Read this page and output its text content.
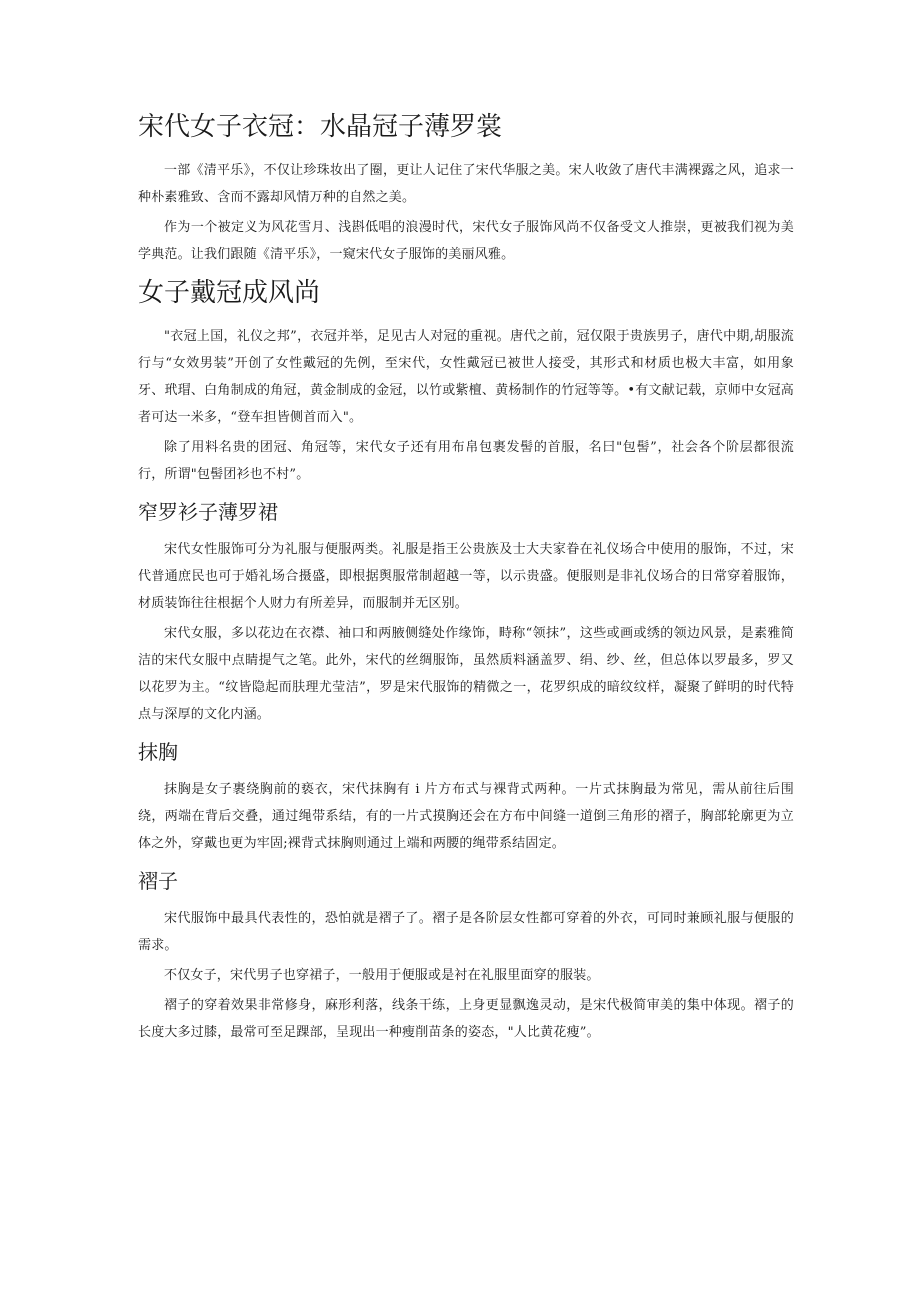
宋代女子衣冠：水晶冠子薄罗裳

一部《清平乐》，不仅让珍珠妆出了圈，更让人记住了宋代华服之美。宋人收敛了唐代丰满裸露之风，追求一种朴素雅致、含而不露却风情万种的自然之美。

作为一个被定义为风花雪月、浅斟低唱的浪漫时代，宋代女子服饰风尚不仅备受文人推崇，更被我们视为美学典范。让我们跟随《清平乐》，一窥宋代女子服饰的美丽风雅。

女子戴冠成风尚

"衣冠上国，礼仪之邦”，衣冠并举，足见古人对冠的重视。唐代之前，冠仅限于贵族男子，唐代中期,胡服流行与“女效男装”开创了女性戴冠的先例，至宋代，女性戴冠已被世人接受，其形式和材质也极大丰富，如用象牙、玳瑁、白角制成的角冠，黄金制成的金冠，以竹或紫檀、黄杨制作的竹冠等等。•有文献记载，京师中女冠高者可达一米多，“登车担皆侧首而入"。

除了用料名贵的团冠、角冠等，宋代女子还有用布帛包裹发髻的首服，名曰"包髻”，社会各个阶层都很流行，所谓"包髻团衫也不村”。

窄罗衫子薄罗裙

宋代女性服饰可分为礼服与便服两类。礼服是指王公贵族及士大夫家眷在礼仪场合中使用的服饰，不过，宋代普通庶民也可于婚礼场合摄盛，即根据舆服常制超越一等，以示贵盛。便服则是非礼仪场合的日常穿着服饰，材质装饰往往根据个人财力有所差异，而服制并无区别。

宋代女服，多以花边在衣襟、袖口和两腋侧缝处作缘饰，畤称“领抹”，这些或画或绣的领边风景，是素雅简洁的宋代女服中点睛提气之笔。此外，宋代的丝绸服饰，虽然质料涵盖罗、绢、纱、丝，但总体以罗最多，罗又以花罗为主。“纹皆隐起而肤理尤莹洁”，罗是宋代服饰的精微之一，花罗织成的暗纹纹样，凝聚了鲜明的时代特点与深厚的文化内涵。

抹胸

抹胸是女子裹绕胸前的亵衣，宋代抹胸有 i 片方布式与裸背式两种。一片式抹胸最为常见，需从前往后围绕，两端在背后交叠，通过绳带系结，有的一片式摸胸还会在方布中间缝一道倒三角形的褶子，胸部轮廓更为立体之外，穿戴也更为牢固;裸背式抹胸则通过上端和两腰的绳带系结固定。

褶子

宋代服饰中最具代表性的，恐怕就是褶子了。褶子是各阶层女性都可穿着的外衣，可同时兼顾礼服与便服的需求。

不仅女子，宋代男子也穿裙子，一般用于便服或是衬在礼服里面穿的服装。

褶子的穿着效果非常修身，麻形利落，线条干练，上身更显飘逸灵动，是宋代极简审美的集中体现。褶子的长度大多过膝，最常可至足踝部，呈现出一种瘦削苗条的姿态，"人比黄花瘦”。
